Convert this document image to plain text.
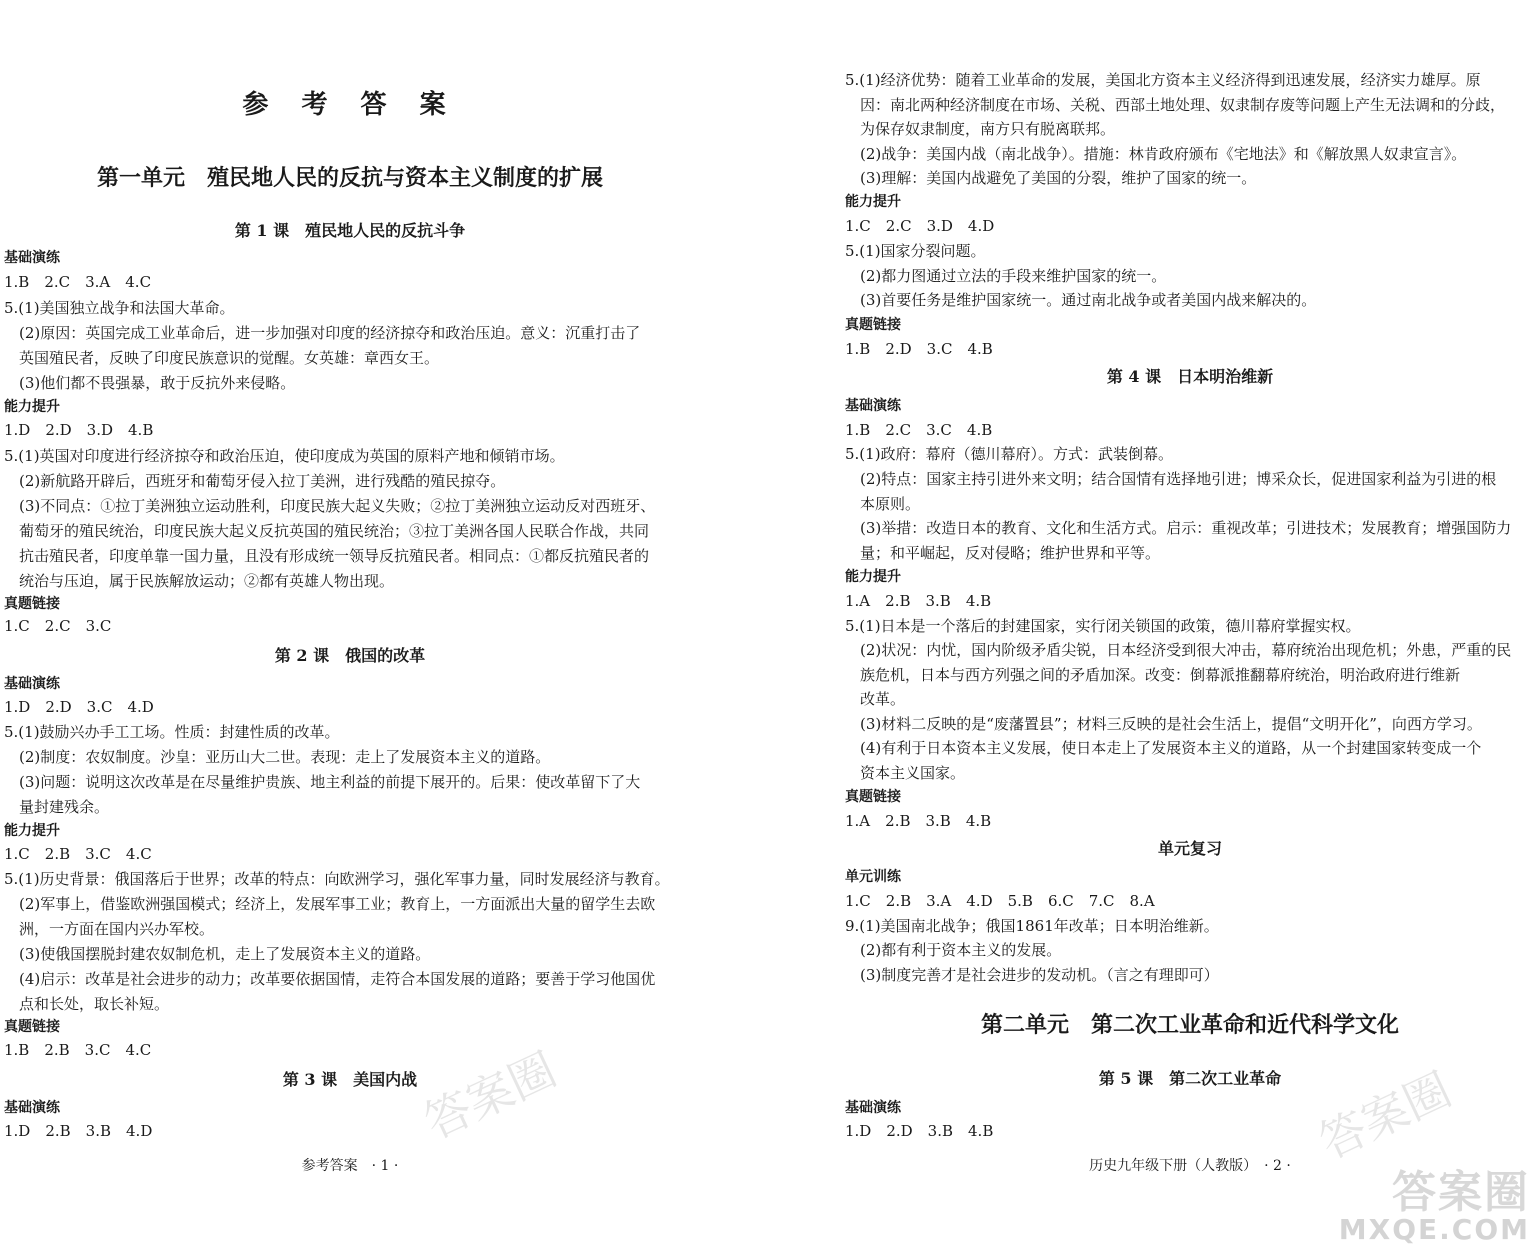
答案圈
参 考 答 案
第一单元　殖民地人民的反抗与资本主义制度的扩展
第 1 课　殖民地人民的反抗斗争
基础演练
1.B　2.C　3.A　4.C
5.(1)美国独立战争和法国大革命。
　(2)原因：英国完成工业革命后，进一步加强对印度的经济掠夺和政治压迫。意义：沉重打击了
　英国殖民者，反映了印度民族意识的觉醒。女英雄：章西女王。
　(3)他们都不畏强暴，敢于反抗外来侵略。
能力提升
1.D　2.D　3.D　4.B
5.(1)英国对印度进行经济掠夺和政治压迫，使印度成为英国的原料产地和倾销市场。
　(2)新航路开辟后，西班牙和葡萄牙侵入拉丁美洲，进行残酷的殖民掠夺。
　(3)不同点：①拉丁美洲独立运动胜利，印度民族大起义失败；②拉丁美洲独立运动反对西班牙、
　葡萄牙的殖民统治，印度民族大起义反抗英国的殖民统治；③拉丁美洲各国人民联合作战，共同
　抗击殖民者，印度单靠一国力量，且没有形成统一领导反抗殖民者。相同点：①都反抗殖民者的
　统治与压迫，属于民族解放运动；②都有英雄人物出现。
真题链接
1.C　2.C　3.C
第 2 课　俄国的改革
基础演练
1.D　2.D　3.C　4.D
5.(1)鼓励兴办手工工场。性质：封建性质的改革。
　(2)制度：农奴制度。沙皇：亚历山大二世。表现：走上了发展资本主义的道路。
　(3)问题：说明这次改革是在尽量维护贵族、地主利益的前提下展开的。后果：使改革留下了大
　量封建残余。
能力提升
1.C　2.B　3.C　4.C
5.(1)历史背景：俄国落后于世界；改革的特点：向欧洲学习，强化军事力量，同时发展经济与教育。
　(2)军事上，借鉴欧洲强国模式；经济上，发展军事工业；教育上，一方面派出大量的留学生去欧
　洲，一方面在国内兴办军校。
　(3)使俄国摆脱封建农奴制危机，走上了发展资本主义的道路。
　(4)启示：改革是社会进步的动力；改革要依据国情，走符合本国发展的道路；要善于学习他国优
　点和长处，取长补短。
真题链接
1.B　2.B　3.C　4.C
第 3 课　美国内战
基础演练
1.D　2.B　3.B　4.D
参考答案　· 1 ·	答案圈
5.(1)经济优势：随着工业革命的发展，美国北方资本主义经济得到迅速发展，经济实力雄厚。原
　因：南北两种经济制度在市场、关税、西部土地处理、奴隶制存废等问题上产生无法调和的分歧，
　为保存奴隶制度，南方只有脱离联邦。
　(2)战争：美国内战（南北战争）。措施：林肯政府颁布《宅地法》和《解放黑人奴隶宣言》。
　(3)理解：美国内战避免了美国的分裂，维护了国家的统一。
能力提升
1.C　2.C　3.D　4.D
5.(1)国家分裂问题。
　(2)都力图通过立法的手段来维护国家的统一。
　(3)首要任务是维护国家统一。通过南北战争或者美国内战来解决的。
真题链接
1.B　2.D　3.C　4.B
第 4 课　日本明治维新
基础演练
1.B　2.C　3.C　4.B
5.(1)政府：幕府（德川幕府）。方式：武装倒幕。
　(2)特点：国家主持引进外来文明；结合国情有选择地引进；博采众长，促进国家利益为引进的根
　本原则。
　(3)举措：改造日本的教育、文化和生活方式。启示：重视改革；引进技术；发展教育；增强国防力
　量；和平崛起，反对侵略；维护世界和平等。
能力提升
1.A　2.B　3.B　4.B
5.(1)日本是一个落后的封建国家，实行闭关锁国的政策，德川幕府掌握实权。
　(2)状况：内忧，国内阶级矛盾尖锐，日本经济受到很大冲击，幕府统治出现危机；外患，严重的民
　族危机，日本与西方列强之间的矛盾加深。改变：倒幕派推翻幕府统治，明治政府进行维新
　改革。
　(3)材料二反映的是“废藩置县”；材料三反映的是社会生活上，提倡“文明开化”，向西方学习。
　(4)有利于日本资本主义发展，使日本走上了发展资本主义的道路，从一个封建国家转变成一个
　资本主义国家。
真题链接
1.A　2.B　3.B　4.B
单元复习
单元训练
1.C　2.B　3.A　4.D　5.B　6.C　7.C　8.A
9.(1)美国南北战争；俄国1861年改革；日本明治维新。
　(2)都有利于资本主义的发展。
　(3)制度完善才是社会进步的发动机。（言之有理即可）
第二单元　第二次工业革命和近代科学文化
第 5 课　第二次工业革命
基础演练
1.D　2.D　3.B　4.B
历史九年级下册（人教版）　· 2 ·
答案圈
MXQE.COM
